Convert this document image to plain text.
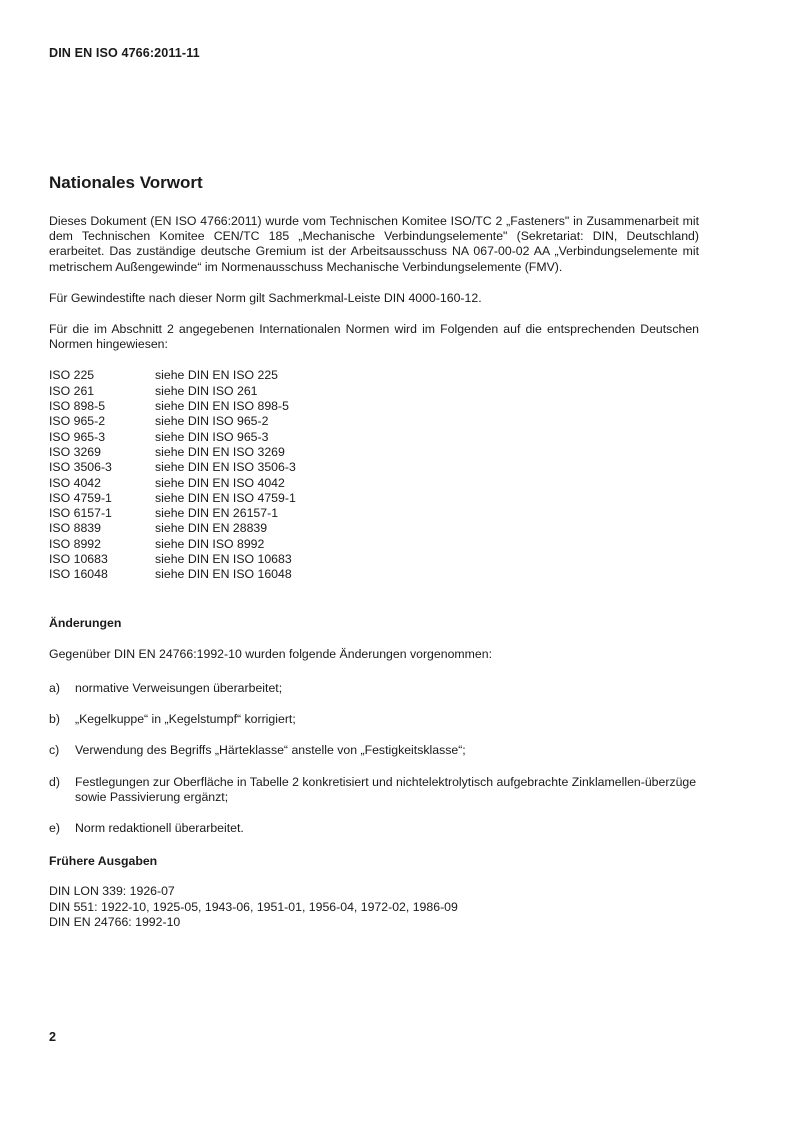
DIN EN ISO 4766:2011-11
Nationales Vorwort

Dieses Dokument (EN ISO 4766:2011) wurde vom Technischen Komitee ISO/TC 2 „Fasteners" in Zusammenarbeit mit dem Technischen Komitee CEN/TC 185 „Mechanische Verbindungselemente" (Sekretariat: DIN, Deutschland) erarbeitet. Das zuständige deutsche Gremium ist der Arbeitsausschuss NA 067-00-02 AA „Verbindungselemente mit metrischem Außengewinde“ im Normenausschuss Mechanische Verbindungselemente (FMV).

Für Gewindestifte nach dieser Norm gilt Sachmerkmal-Leiste DIN 4000-160-12.

Für die im Abschnitt 2 angegebenen Internationalen Normen wird im Folgenden auf die entsprechenden Deutschen Normen hingewiesen:

ISO 225	siehe DIN EN ISO 225
ISO 261	siehe DIN ISO 261
ISO 898-5	siehe DIN EN ISO 898-5
ISO 965-2	siehe DIN ISO 965-2
ISO 965-3	siehe DIN ISO 965-3
ISO 3269	siehe DIN EN ISO 3269
ISO 3506-3	siehe DIN EN ISO 3506-3
ISO 4042	siehe DIN EN ISO 4042
ISO 4759-1	siehe DIN EN ISO 4759-1
ISO 6157-1	siehe DIN EN 26157-1
ISO 8839	siehe DIN EN 28839
ISO 8992	siehe DIN ISO 8992
ISO 10683	siehe DIN EN ISO 10683
ISO 16048	siehe DIN EN ISO 16048

Änderungen

Gegenüber DIN EN 24766:1992-10 wurden folgende Änderungen vorgenommen:

a)	normative Verweisungen überarbeitet;
b)	„Kegelkuppe“ in „Kegelstumpf“ korrigiert;
c)	Verwendung des Begriffs „Härteklasse“ anstelle von „Festigkeitsklasse“;
d)	Festlegungen zur Oberfläche in Tabelle 2 konkretisiert und nichtelektrolytisch aufgebrachte Zinklamellen-überzüge sowie Passivierung ergänzt;
e)	Norm redaktionell überarbeitet.

Frühere Ausgaben

DIN LON 339: 1926-07

DIN 551: 1922-10, 1925-05, 1943-06, 1951-01, 1956-04, 1972-02, 1986-09

DIN EN 24766: 1992-10

2
